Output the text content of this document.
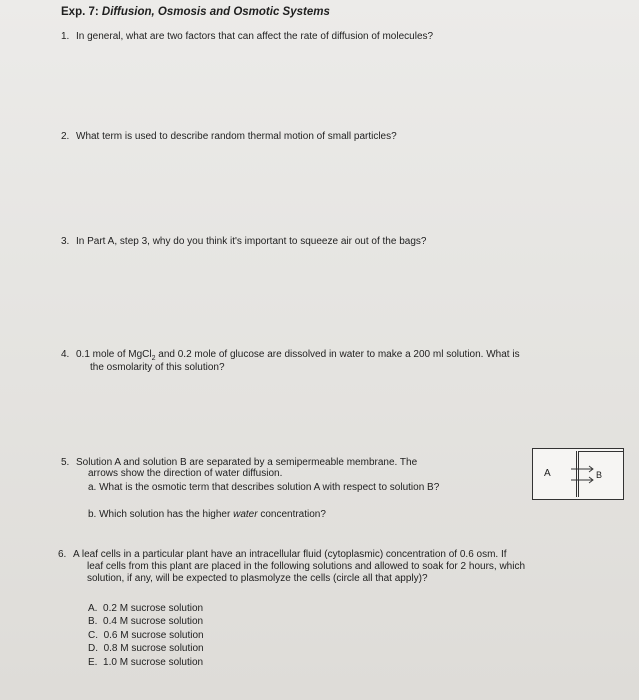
Exp. 7: Diffusion, Osmosis and Osmotic Systems
1. In general, what are two factors that can affect the rate of diffusion of molecules?
2. What term is used to describe random thermal motion of small particles?
3. In Part A, step 3, why do you think it's important to squeeze air out of the bags?
4. 0.1 mole of MgCl$_2$ and 0.2 mole of glucose are dissolved in water to make a 200 ml solution. What is
the osmolarity of this solution?
5. Solution A and solution B are separated by a semipermeable membrane. The
arrows show the direction of water diffusion.
a. What is the osmotic term that describes solution A with respect to solution B?
b. Which solution has the higher water concentration?
A	B
6. A leaf cells in a particular plant have an intracellular fluid (cytoplasmic) concentration of 0.6 osm. If
leaf cells from this plant are placed in the following solutions and allowed to soak for 2 hours, which
solution, if any, will be expected to plasmolyze the cells (circle all that apply)?
A. 0.2 M sucrose solution
B. 0.4 M sucrose solution
C. 0.6 M sucrose solution
D. 0.8 M sucrose solution
E. 1.0 M sucrose solution
